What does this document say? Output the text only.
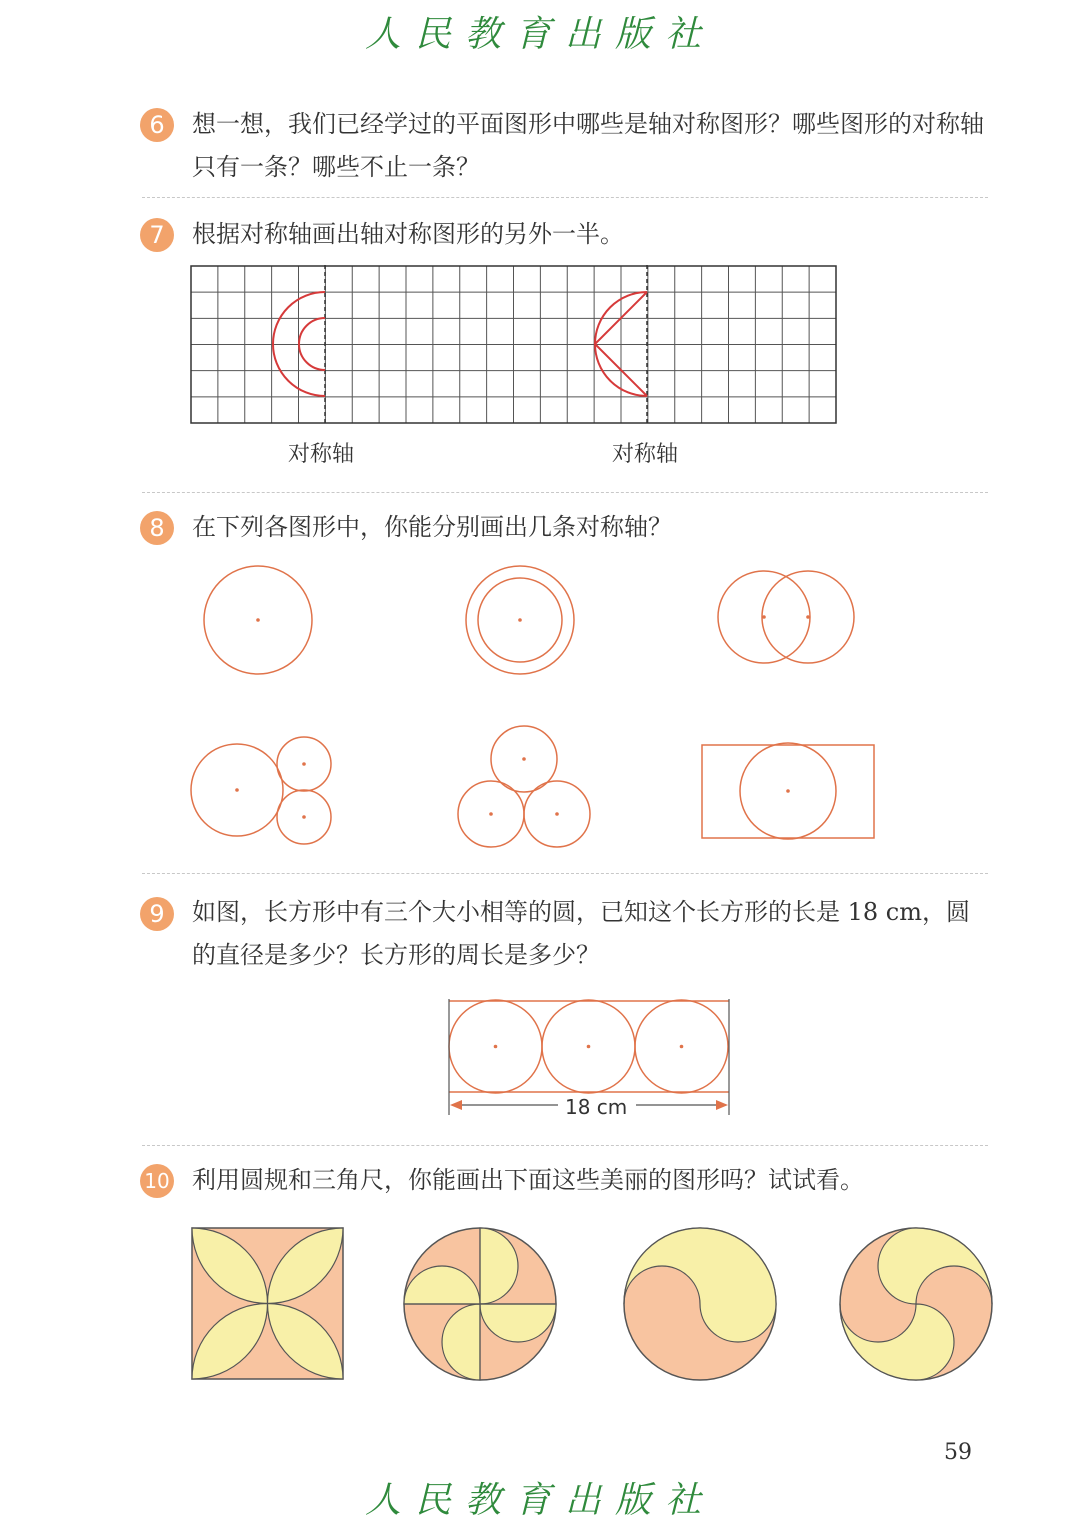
人民教育出版社
6	想一想，我们已经学过的平面图形中哪些是轴对称图形？哪些图形的对称轴只有一条？哪些不止一条？

7	根据对称轴画出轴对称图形的另外一半。

对称轴	对称轴
8	在下列各图形中，你能分别画出几条对称轴？

9	如图，长方形中有三个大小相等的圆，已知这个长方形的长是 18 cm，圆的直径是多少？长方形的周长是多少？

18 cm
10 利用圆规和三角尺，你能画出下面这些美丽的图形吗？试试看。

59
人民教育出版社
